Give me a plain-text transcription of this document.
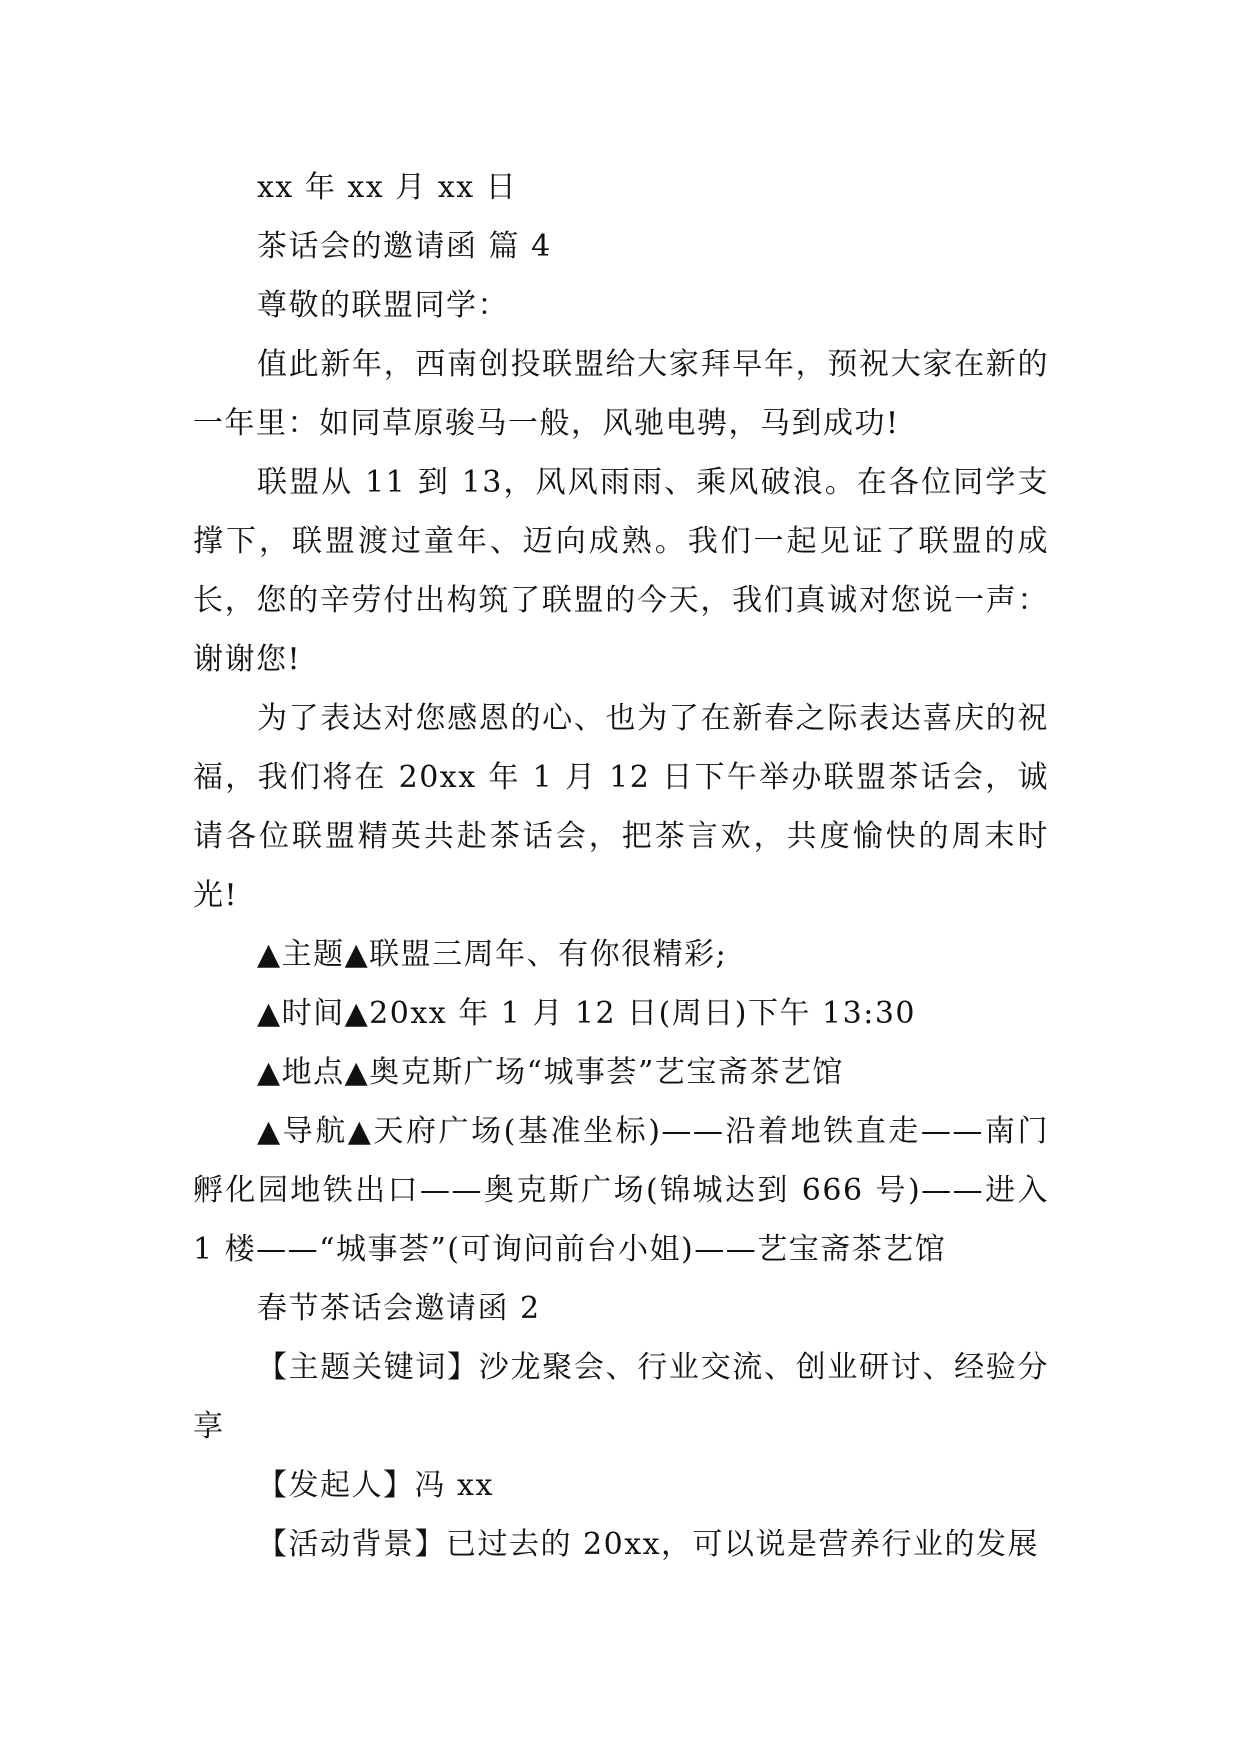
xx 年 xx 月 xx 日

茶话会的邀请函 篇 4

尊敬的联盟同学：

值此新年，西南创投联盟给大家拜早年，预祝大家在新的一年里：如同草原骏马一般，风驰电骋，马到成功!

联盟从 11 到 13，风风雨雨、乘风破浪。在各位同学支撑下，联盟渡过童年、迈向成熟。我们一起见证了联盟的成长，您的辛劳付出构筑了联盟的今天，我们真诚对您说一声：谢谢您!

为了表达对您感恩的心、也为了在新春之际表达喜庆的祝福，我们将在 20xx 年 1 月 12 日下午举办联盟茶话会，诚请各位联盟精英共赴茶话会，把茶言欢，共度愉快的周末时光!

▲主题▲联盟三周年、有你很精彩;

▲时间▲20xx 年 1 月 12 日(周日)下午 13:30

▲地点▲奥克斯广场“城事荟”艺宝斋茶艺馆

▲导航▲天府广场(基准坐标)——沿着地铁直走——南门孵化园地铁出口——奥克斯广场(锦城达到 666 号)——进入 1 楼——“城事荟”(可询问前台小姐)——艺宝斋茶艺馆

春节茶话会邀请函 2

【主题关键词】沙龙聚会、行业交流、创业研讨、经验分享

【发起人】冯 xx

【活动背景】已过去的 20xx，可以说是营养行业的发展
